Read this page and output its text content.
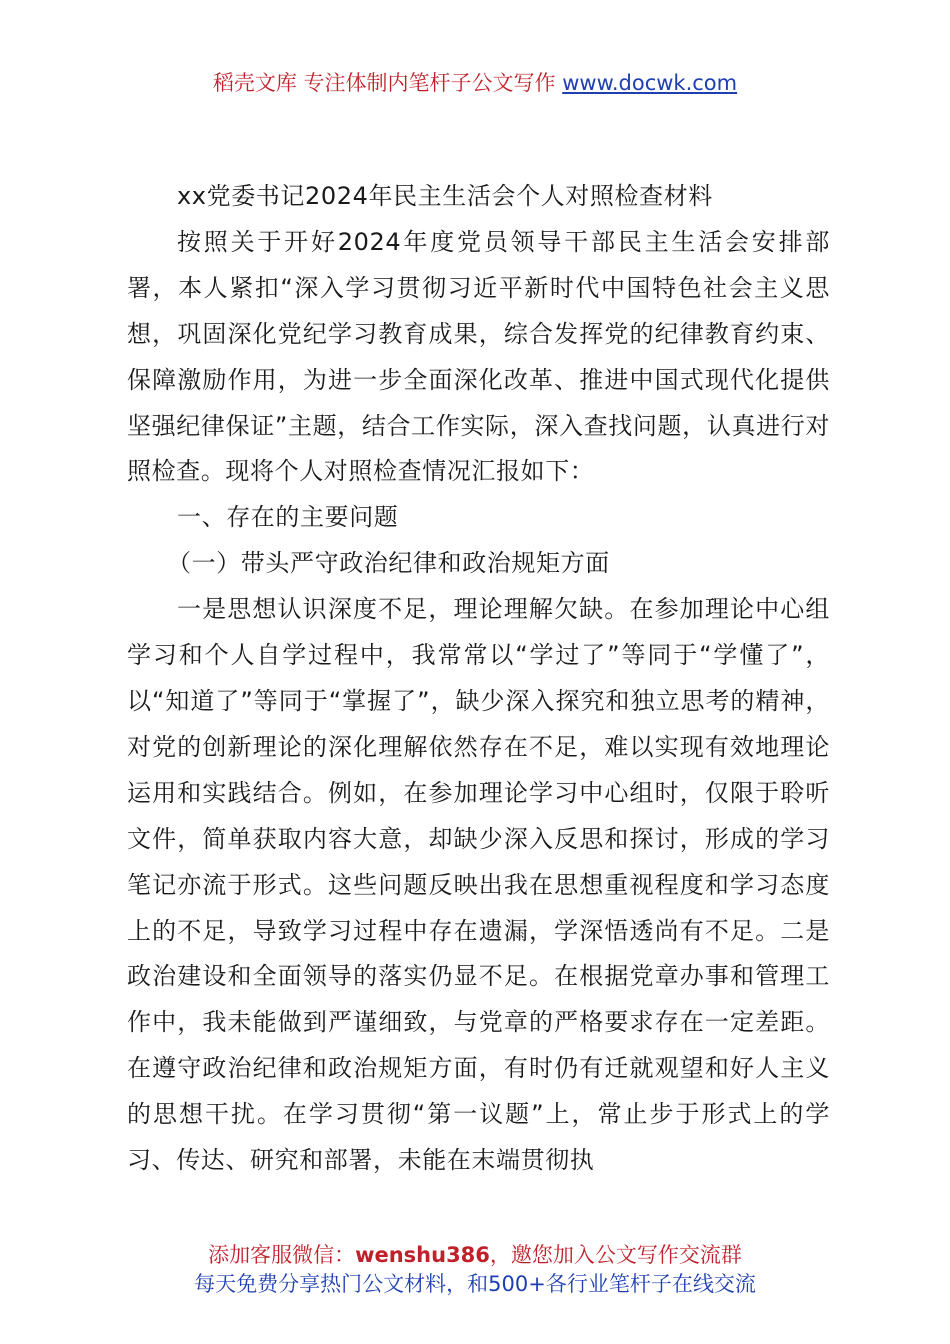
稻壳文库 专注体制内笔杆子公文写作 www.docwk.com

xx党委书记2024年民主生活会个人对照检查材料

按照关于开好2024年度党员领导干部民主生活会安排部署，本人紧扣“深入学习贯彻习近平新时代中国特色社会主义思想，巩固深化党纪学习教育成果，综合发挥党的纪律教育约束、保障激励作用，为进一步全面深化改革、推进中国式现代化提供坚强纪律保证”主题，结合工作实际，深入查找问题，认真进行对照检查。现将个人对照检查情况汇报如下：

一、存在的主要问题

（一）带头严守政治纪律和政治规矩方面

一是思想认识深度不足，理论理解欠缺。在参加理论中心组学习和个人自学过程中，我常常以“学过了”等同于“学懂了”，以“知道了”等同于“掌握了”，缺少深入探究和独立思考的精神，对党的创新理论的深化理解依然存在不足，难以实现有效地理论运用和实践结合。例如，在参加理论学习中心组时，仅限于聆听文件，简单获取内容大意，却缺少深入反思和探讨，形成的学习笔记亦流于形式。这些问题反映出我在思想重视程度和学习态度上的不足，导致学习过程中存在遗漏，学深悟透尚有不足。二是政治建设和全面领导的落实仍显不足。在根据党章办事和管理工作中，我未能做到严谨细致，与党章的严格要求存在一定差距。在遵守政治纪律和政治规矩方面，有时仍有迁就观望和好人主义的思想干扰。在学习贯彻“第一议题”上，常止步于形式上的学习、传达、研究和部署，未能在末端贯彻执

添加客服微信：wenshu386，邀您加入公文写作交流群
每天免费分享热门公文材料，和500+各行业笔杆子在线交流
